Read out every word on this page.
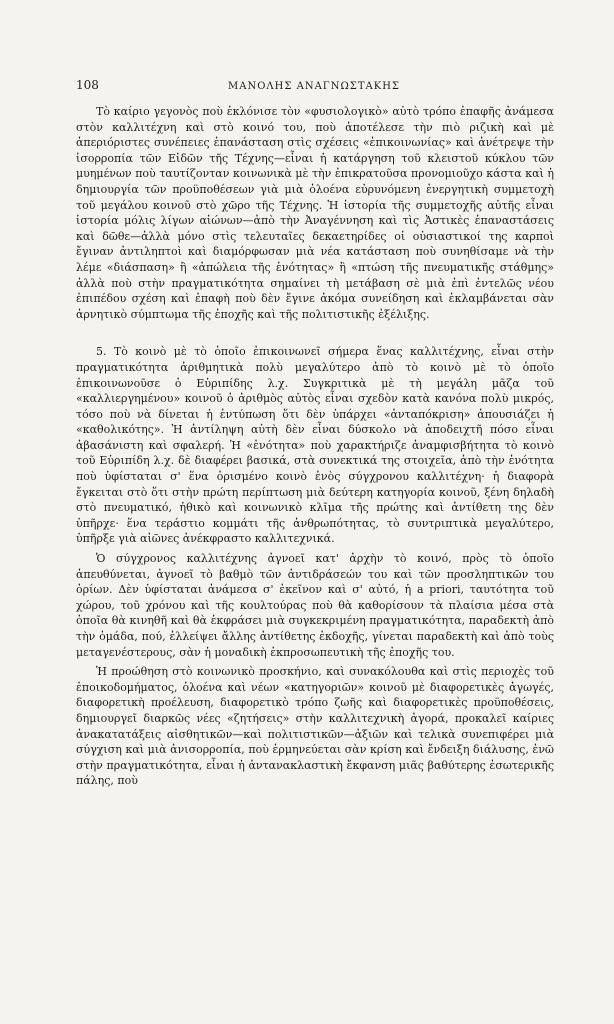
108	ΜΑΝΟΛΗΣ ΑΝΑΓΝΩΣΤΑΚΗΣ

Τὸ καίριο γεγονὸς ποὺ ἐκλόνισε τὸν «φυσιολογικὸ» αὐτὸ τρόπο ἐπαφῆς ἀνάμεσα στὸν καλλιτέχνη καὶ στὸ κοινό του, ποὺ ἀποτέλεσε τὴν πιὸ ριζικὴ καὶ μὲ ἀπεριόριστες συνέπειες ἐπανάσταση στὶς σχέσεις «ἐπικοινωνίας» καὶ ἀνέτρεψε τὴν ἰσορροπία τῶν Εἰδῶν τῆς Τέχνης—εἶναι ἡ κατάργηση τοῦ κλειστοῦ κύκλου τῶν μυημένων ποὺ ταυτίζονταν κοινωνικὰ μὲ τὴν ἐπικρατοῦσα προνομιοῦχο κάστα καὶ ἡ δημιουργία τῶν προϋποθέσεων γιὰ μιὰ ὁλοένα εὐρυνόμενη ἐνεργητικὴ συμμετοχὴ τοῦ μεγάλου κοινοῦ στὸ χῶρο τῆς Τέχνης. Ἡ ἱστορία τῆς συμμετοχῆς αὐτῆς εἶναι ἱστορία μόλις λίγων αἰώνων—ἀπὸ τὴν Ἀναγέννηση καὶ τὶς Ἀστικὲς ἐπαναστάσεις καὶ δῶθε—ἀλλὰ μόνο στὶς τελευταῖες δεκαετηρίδες οἱ οὐσιαστικοί της καρποὶ ἔγιναν ἀντιληπτοὶ καὶ διαμόρφωσαν μιὰ νέα κατάσταση ποὺ συνηθίσαμε νὰ τὴν λέμε «διάσπαση» ἢ «ἀπώλεια τῆς ἑνότητας» ἢ «πτώση τῆς πνευματικῆς στάθμης» ἀλλὰ ποὺ στὴν πραγματικότητα σημαίνει τὴ μετάβαση σὲ μιὰ ἐπὶ ἐντελῶς νέου ἐπιπέδου σχέση καὶ ἐπαφὴ ποὺ δὲν ἔγινε ἀκόμα συνείδηση καὶ ἐκλαμβάνεται σὰν ἀρνητικὸ σύμπτωμα τῆς ἐποχῆς καὶ τῆς πολιτιστικῆς ἐξέλιξης.

5. Τὸ κοινὸ μὲ τὸ ὁποῖο ἐπικοινωνεῖ σήμερα ἕνας καλλιτέχνης, εἶναι στὴν πραγματικότητα ἀριθμητικὰ πολὺ μεγαλύτερο ἀπὸ τὸ κοινὸ μὲ τὸ ὁποῖο ἐπικοινωνοῦσε ὁ Εὐριπίδης λ.χ. Συγκριτικὰ μὲ τὴ μεγάλη μᾶζα τοῦ «καλλιεργημένου» κοινοῦ ὁ ἀριθμὸς αὐτὸς εἶναι σχεδὸν κατὰ κανόνα πολὺ μικρός, τόσο ποὺ νὰ δίνεται ἡ ἐντύπωση ὅτι δὲν ὑπάρχει «ἀνταπόκριση» ἀπουσιάζει ἡ «καθολικότης». Ἡ ἀντίληψη αὐτὴ δὲν εἶναι δύσκολο νὰ ἀποδειχτῆ πόσο εἶναι ἀβασάνιστη καὶ σφαλερή. Ἡ «ἑνότητα» ποὺ χαρακτήριζε ἀναμφισβήτητα τὸ κοινὸ τοῦ Εὐριπίδη λ.χ. δὲ διαφέρει βασικά, στὰ συνεκτικά της στοιχεῖα, ἀπὸ τὴν ἑνότητα ποὺ ὑφίσταται σ' ἕνα ὁρισμένο κοινὸ ἑνὸς σύγχρονου καλλιτέχνη· ἡ διαφορὰ ἔγκειται στὸ ὅτι στὴν πρώτη περίπτωση μιὰ δεύτερη κατηγορία κοινοῦ, ξένη δηλαδὴ στὸ πνευματικό, ἠθικὸ καὶ κοινωνικὸ κλῖμα τῆς πρώτης καὶ ἀντίθετη της δὲν ὑπῆρχε· ἕνα τεράστιο κομμάτι τῆς ἀνθρωπότητας, τὸ συντριπτικὰ μεγαλύτερο, ὑπῆρξε γιὰ αἰῶνες ἀνέκφραστο καλλιτεχνικά.

Ὁ σύγχρονος καλλιτέχνης ἀγνοεῖ κατ' ἀρχὴν τὸ κοινό, πρὸς τὸ ὁποῖο ἀπευθύνεται, ἀγνοεῖ τὸ βαθμὸ τῶν ἀντιδράσεών του καὶ τῶν προσληπτικῶν του ὁρίων. Δὲν ὑφίσταται ἀνάμεσα σ' ἐκεῖνον καὶ σ' αὐτό, ἡ a priori, ταυτότητα τοῦ χώρου, τοῦ χρόνου καὶ τῆς κουλτούρας ποὺ θὰ καθορίσουν τὰ πλαίσια μέσα στὰ ὁποῖα θὰ κινηθῆ καὶ θὰ ἐκφράσει μιὰ συγκεκριμένη πραγματικότητα, παραδεκτὴ ἀπὸ τὴν ὁμάδα, πού, ἐλλείψει ἄλλης ἀντίθετης ἐκδοχῆς, γίνεται παραδεκτὴ καὶ ἀπὸ τοὺς μεταγενέστερους, σὰν ἡ μοναδικὴ ἐκπροσωπευτικὴ τῆς ἐποχῆς του.

Ἡ προώθηση στὸ κοινωνικὸ προσκήνιο, καὶ συνακόλουθα καὶ στὶς περιοχὲς τοῦ ἐποικοδομήματος, ὁλοένα καὶ νέων «κατηγοριῶν» κοινοῦ μὲ διαφορετικὲς ἀγωγές, διαφορετικὴ προέλευση, διαφορετικὸ τρόπο ζωῆς καὶ διαφορετικὲς προϋποθέσεις, δημιουργεῖ διαρκῶς νέες «ζητήσεις» στὴν καλλιτεχνικὴ ἀγορά, προκαλεῖ καίριες ἀνακατατάξεις αἰσθητικῶν—καὶ πολιτιστικῶν—ἀξιῶν καὶ τελικὰ συνεπιφέρει μιὰ σύγχιση καὶ μιὰ ἀνισορροπία, ποὺ ἑρμηνεύεται σὰν κρίση καὶ ἔνδειξη διάλυσης, ἐνῶ στὴν πραγματικότητα, εἶναι ἡ ἀντανακλαστικὴ ἔκφανση μιᾶς βαθύτερης ἐσωτερικῆς πάλης, ποὺ
